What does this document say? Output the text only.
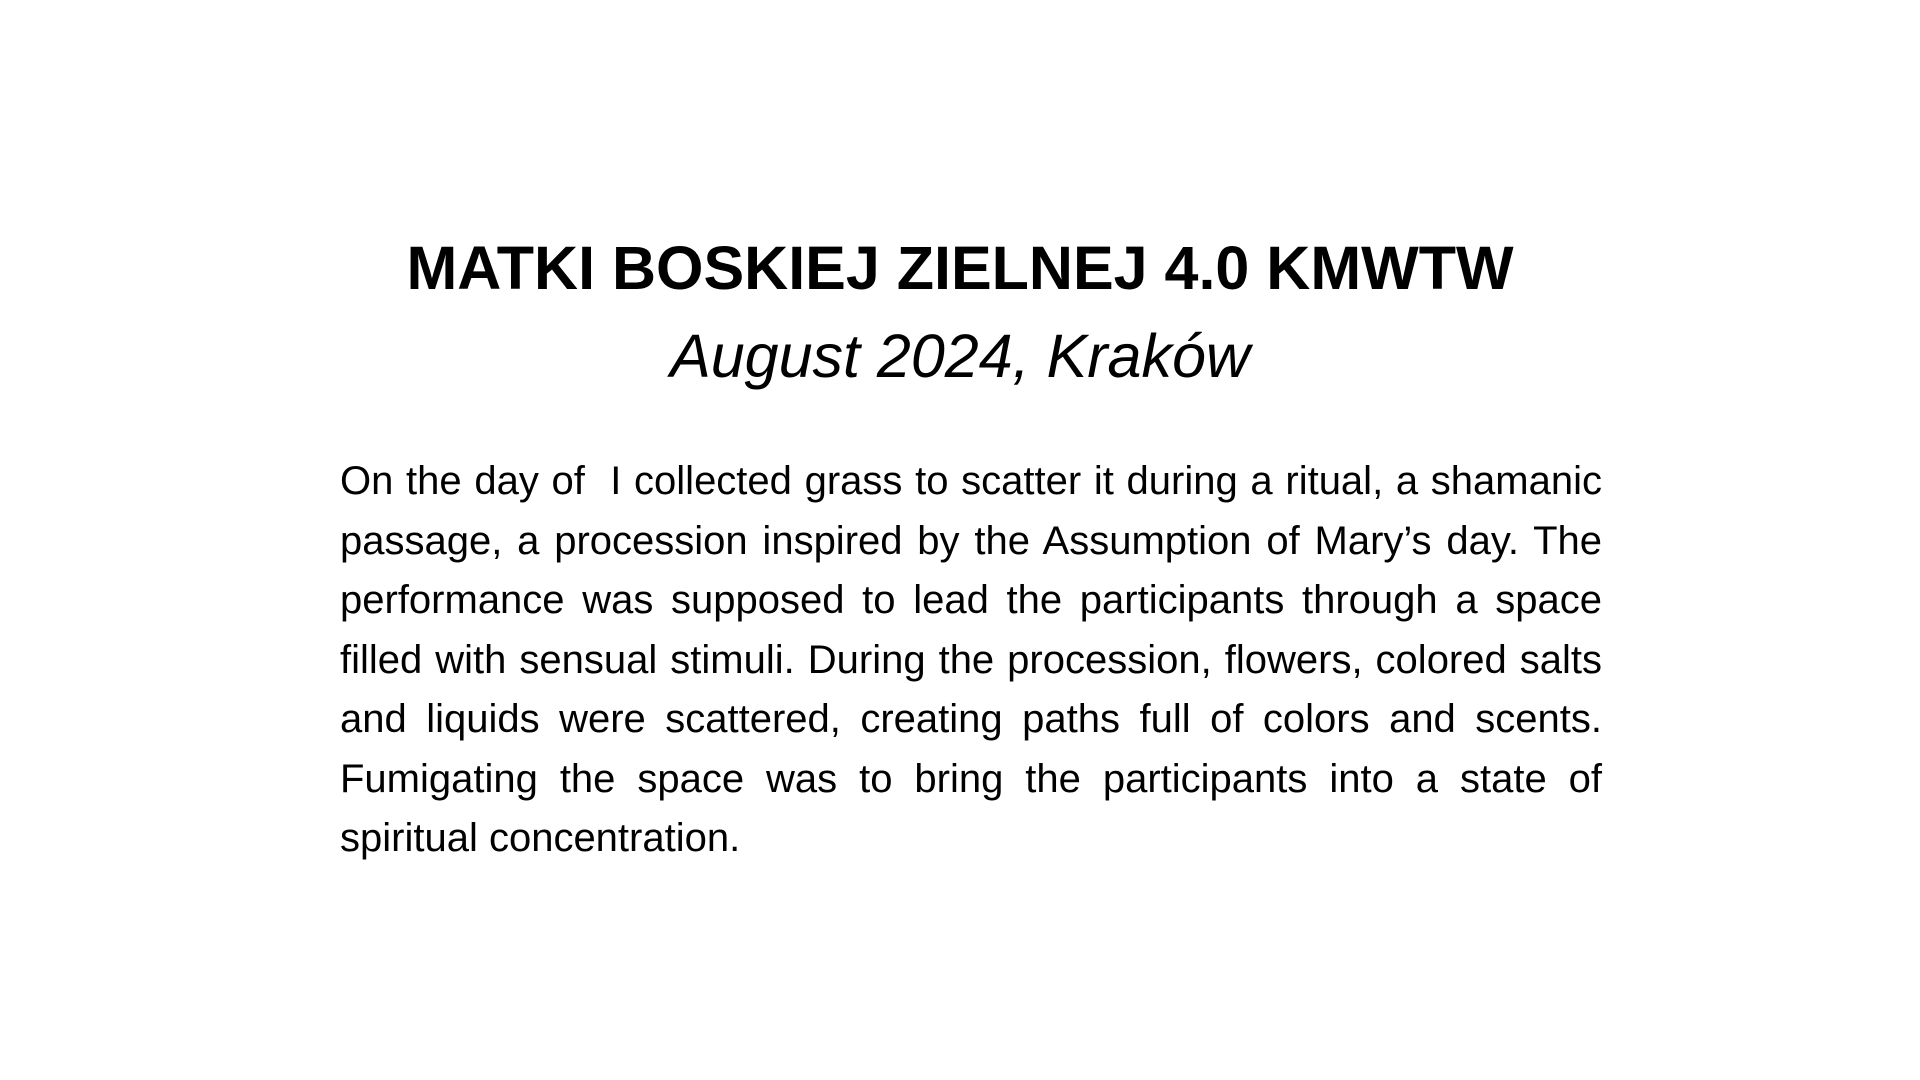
MATKI BOSKIEJ ZIELNEJ 4.0 KMWTW
August 2024, Kraków
On the day of  I collected grass to scatter it during a ritual, a shamanic passage, a procession inspired by the Assumption of Mary’s day. The performance was supposed to lead the participants through a space filled with sensual stimuli. During the procession, flowers, colored salts and liquids were scattered, creating paths full of colors and scents. Fumigating the space was to bring the participants into a state of spiritual concentration.
